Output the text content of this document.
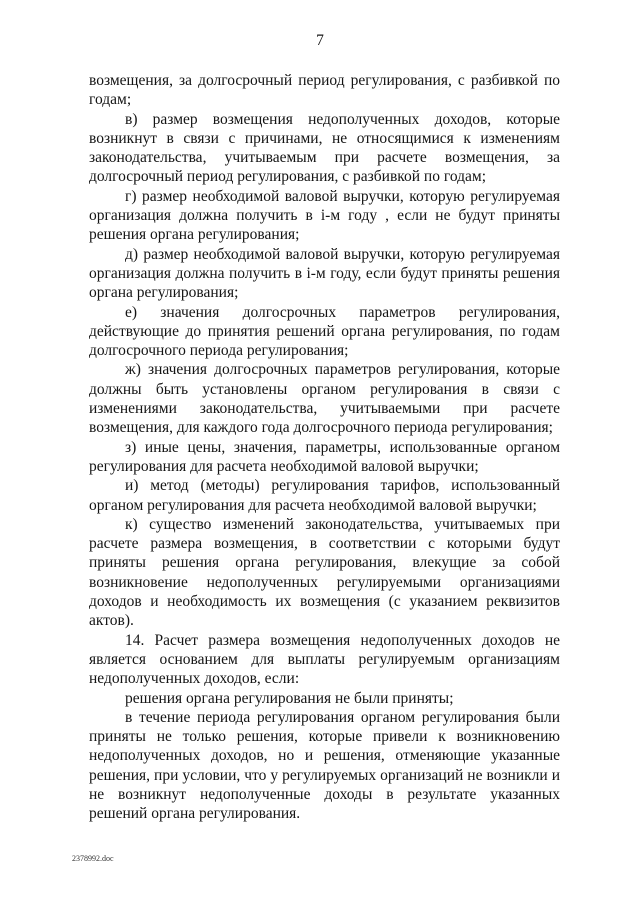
7

возмещения, за долгосрочный период регулирования, с разбивкой по годам;

в) размер возмещения недополученных доходов, которые возникнут в связи с причинами, не относящимися к изменениям законодательства, учитываемым при расчете возмещения, за долгосрочный период регулирования, с разбивкой по годам;

г) размер необходимой валовой выручки, которую регулируемая организация должна получить в i-м году , если не будут приняты решения органа регулирования;

д) размер необходимой валовой выручки, которую регулируемая организация должна получить в i-м году, если будут приняты решения органа регулирования;

е) значения долгосрочных параметров регулирования, действующие до принятия решений органа регулирования, по годам долгосрочного периода регулирования;

ж) значения долгосрочных параметров регулирования, которые должны быть установлены органом регулирования в связи с изменениями законодательства, учитываемыми при расчете возмещения, для каждого года долгосрочного периода регулирования;

з) иные цены, значения, параметры, использованные органом регулирования для расчета необходимой валовой выручки;

и) метод (методы) регулирования тарифов, использованный органом регулирования для расчета необходимой валовой выручки;

к) существо изменений законодательства, учитываемых при расчете размера возмещения, в соответствии с которыми будут приняты решения органа регулирования, влекущие за собой возникновение недополученных регулируемыми организациями доходов и необходимость их возмещения (с указанием реквизитов актов).

14. Расчет размера возмещения недополученных доходов не является основанием для выплаты регулируемым организациям недополученных доходов, если:

решения органа регулирования не были приняты;

в течение периода регулирования органом регулирования были приняты не только решения, которые привели к возникновению недополученных доходов, но и решения, отменяющие указанные решения, при условии, что у регулируемых организаций не возникли и не возникнут недополученные доходы в результате указанных решений органа регулирования.

2378992.doc
